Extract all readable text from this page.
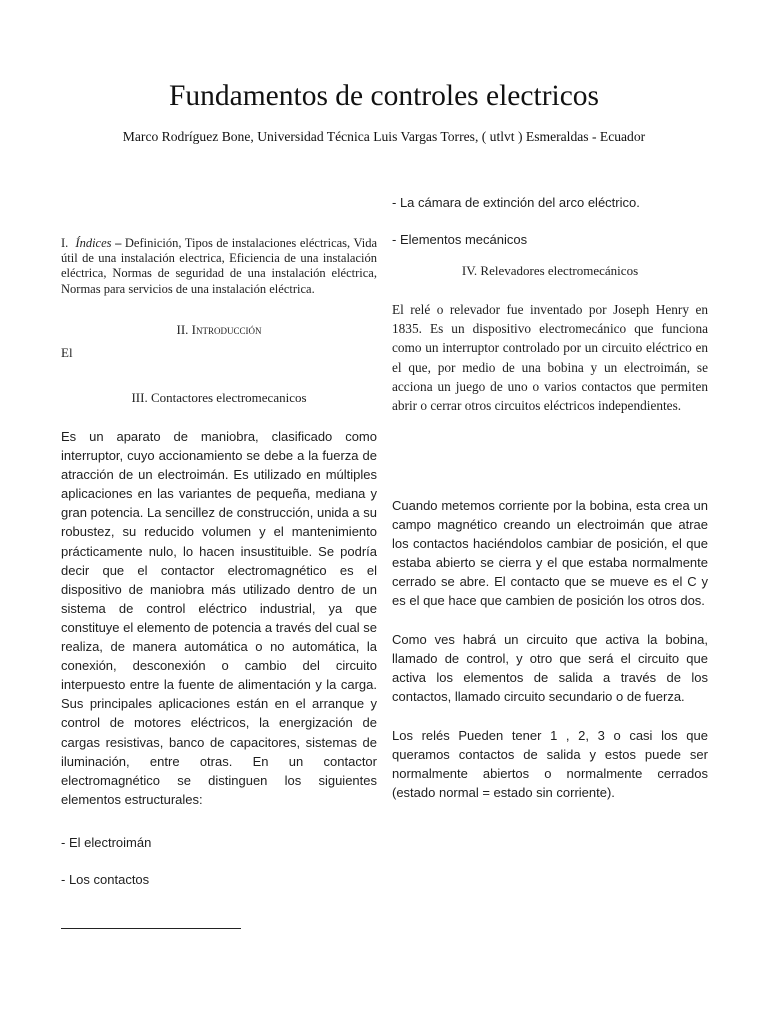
Fundamentos de controles electricos
Marco Rodríguez Bone, Universidad Técnica Luis Vargas Torres, ( utlvt ) Esmeraldas - Ecuador

I. Índices – Definición, Tipos de instalaciones eléctricas, Vida útil de una instalación electrica, Eficiencia de una instalación eléctrica, Normas de seguridad de una instalación eléctrica, Normas para servicios de una instalación eléctrica.

II. Introducción
El
III. Contactores electromecanicos

Es un aparato de maniobra, clasificado como interruptor, cuyo accionamiento se debe a la fuerza de atracción de un electroimán. Es utilizado en múltiples aplicaciones en las variantes de pequeña, mediana y gran potencia. La sencillez de construcción, unida a su robustez, su reducido volumen y el mantenimiento prácticamente nulo, lo hacen insustituible. Se podría decir que el contactor electromagnético es el dispositivo de maniobra más utilizado dentro de un sistema de control eléctrico industrial, ya que constituye el elemento de potencia a través del cual se realiza, de manera automática o no automática, la conexión, desconexión o cambio del circuito interpuesto entre la fuente de alimentación y la carga. Sus principales aplicaciones están en el arranque y control de motores eléctricos, la energización de cargas resistivas, banco de capacitores, sistemas de iluminación, entre otras. En un contactor electromagnético se distinguen los siguientes elementos estructurales:

- El electroimán
- Los contactos
- La cámara de extinción del arco eléctrico.
- Elementos mecánicos
IV. Relevadores electromecánicos

El relé o relevador fue inventado por Joseph Henry en 1835. Es un dispositivo electromecánico que funciona como un interruptor controlado por un circuito eléctrico en el que, por medio de una bobina y un electroimán, se acciona un juego de uno o varios contactos que permiten abrir o cerrar otros circuitos eléctricos independientes.

Cuando metemos corriente por la bobina, esta crea un campo magnético creando un electroimán que atrae los contactos haciéndolos cambiar de posición, el que estaba abierto se cierra y el que estaba normalmente cerrado se abre. El contacto que se mueve es el C y es el que hace que cambien de posición los otros dos.

Como ves habrá un circuito que activa la bobina, llamado de control, y otro que será el circuito que activa los elementos de salida a través de los contactos, llamado circuito secundario o de fuerza.

Los relés Pueden tener 1 , 2, 3 o casi los que queramos contactos de salida y estos puede ser normalmente abiertos o normalmente cerrados (estado normal = estado sin corriente).
